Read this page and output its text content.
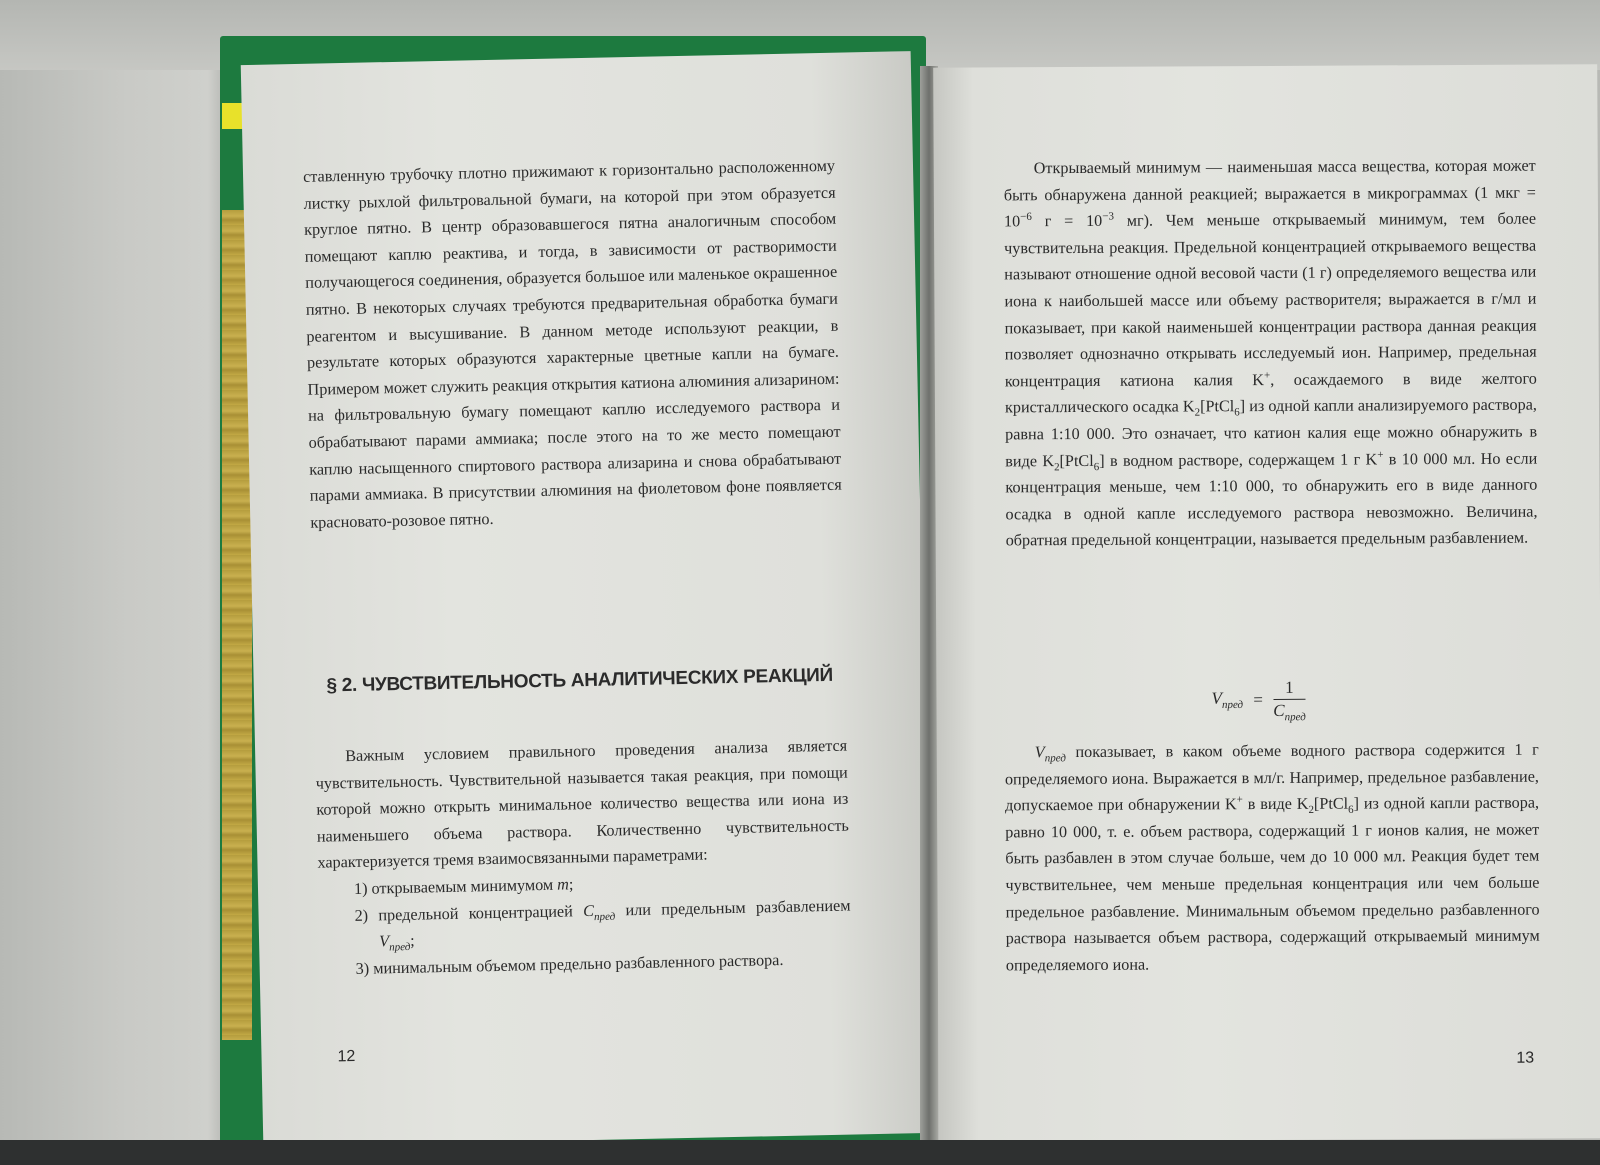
ставленную трубочку плотно прижимают к горизонтально расположенному листку рыхлой фильтровальной бумаги, на которой при этом образуется круглое пятно. В центр образовавшегося пятна аналогичным способом помещают каплю реактива, и тогда, в зависимости от растворимости получающегося соединения, образуется большое или маленькое окрашенное пятно. В некоторых случаях требуются предварительная обработка бумаги реагентом и высушивание. В данном методе используют реакции, в результате которых образуются характерные цветные капли на бумаге. Примером может служить реакция открытия катиона алюминия ализарином: на фильтровальную бумагу помещают каплю исследуемого раствора и обрабатывают парами аммиака; после этого на то же место помещают каплю насыщенного спиртового раствора ализарина и снова обрабатывают парами аммиака. В присутствии алюминия на фиолетовом фоне появляется красновато-розовое пятно.

§ 2. ЧУВСТВИТЕЛЬНОСТЬ АНАЛИТИЧЕСКИХ РЕАКЦИЙ

Важным условием правильного проведения анализа является чувствительность. Чувствительной называется такая реакция, при помощи которой можно открыть минимальное количество вещества или иона из наименьшего объема раствора. Количественно чувствительность характеризуется тремя взаимосвязанными параметрами:

1) открываемым минимумом m;

2) предельной концентрацией $C_{пред}$ или предельным разбавлением $V_{пред}$;

3) минимальным объемом предельно разбавленного раствора.

12

Открываемый минимум — наименьшая масса вещества, которая может быть обнаружена данной реакцией; выражается в микрограммах (1 мкг = $10^{-6}$ $г = 10^{-3}$ мг). Чем меньше открываемый минимум, тем более чувствительна реакция. Предельной концентрацией открываемого вещества называют отношение одной весовой части (1 г) определяемого вещества или иона к наибольшей массе или объему растворителя; выражается в г/мл и показывает, при какой наименьшей концентрации раствора данная реакция позволяет однозначно открывать исследуемый ион. Например, предельная концентрация катиона калия K+, осаждаемого в виде желтого кристаллического осадка $K_2[PtCl_6]$ из одной капли анализируемого раствора, равна 1:10 000. Это означает, что катион калия еще можно обнаружить в виде $K_2[PtCl_6]$ в водном растворе, содержащем 1 г K+ в 10 000 мл. Но если концентрация меньше, чем 1:10 000, то обнаружить его в виде данного осадка в одной капле исследуемого раствора невозможно. Величина, обратная предельной концентрации, называется предельным разбавлением.

$V_{пред} = \frac{1}{C_{пред}}$

$V_{пред}$ показывает, в каком объеме водного раствора содержится 1 г определяемого иона. Выражается в мл/г. Например, предельное разбавление, допускаемое при обнаружении K+ в виде $K_2[PtCl_6]$ из одной капли раствора, равно 10 000, т. е. объем раствора, содержащий 1 г ионов калия, не может быть разбавлен в этом случае больше, чем до 10 000 мл. Реакция будет тем чувствительнее, чем меньше предельная концентрация или чем больше предельное разбавление. Минимальным объемом предельно разбавленного раствора называется объем раствора, содержащий открываемый минимум определяемого иона.

13
